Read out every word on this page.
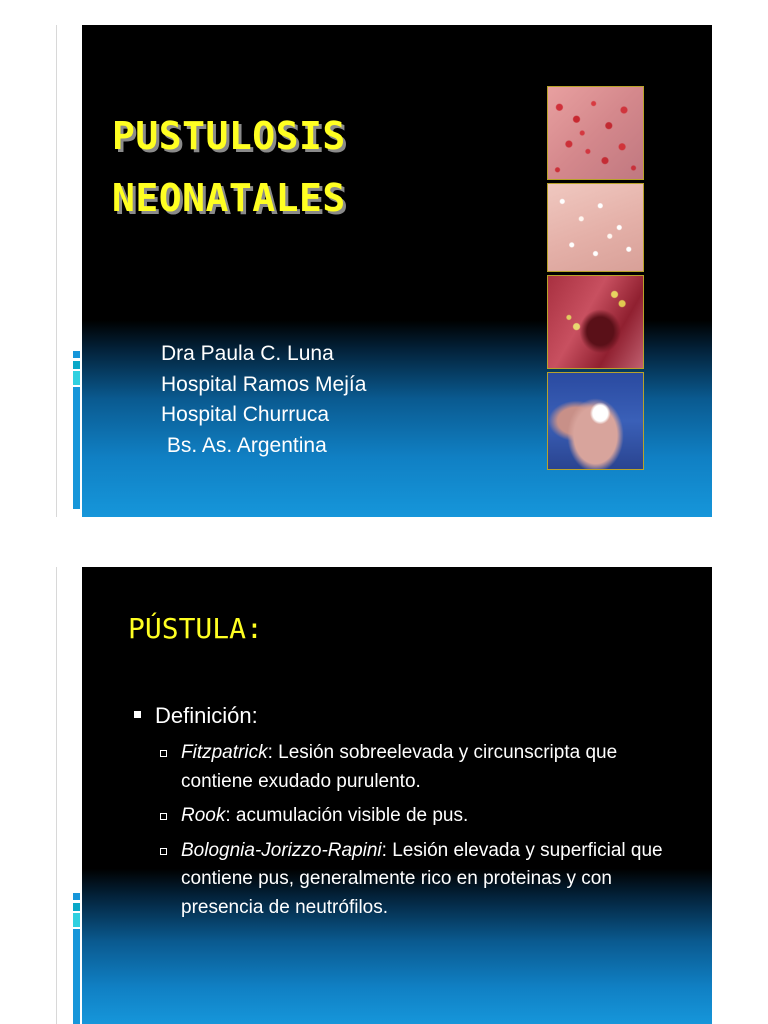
PUSTULOSIS
NEONATALES
Dra Paula C. Luna
Hospital Ramos Mejía
Hospital Churruca
Bs. As. Argentina
PÚSTULA:
Definición:
Fitzpatrick: Lesión sobreelevada y circunscripta que contiene exudado purulento.
Rook: acumulación visible de pus.
Bolognia-Jorizzo-Rapini: Lesión elevada y superficial que contiene pus, generalmente rico en proteinas y con presencia de neutrófilos.
